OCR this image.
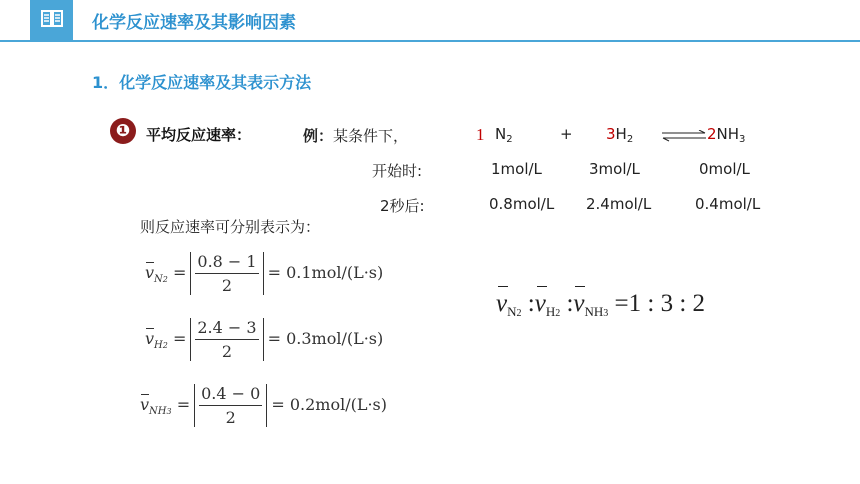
化学反应速率及其影响因素
1．化学反应速率及其表示方法
❶	平均反应速率：	例：某条件下，	1 $N_2$	+ $3H_2$ ⇌ $2NH_3$
开始时:	1mol/L	3mol/L	0mol/L
2秒后:	0.8mol/L 2.4mol/L	0.4mol/L
则反应速率可分别表示为：
$v_{N2} = \frac{0.8 - 1}{2} = 0.1mol/(L\cdot s)$
$v_{H2} = \frac{2.4 - 3}{2} = 0.3mol/(L\cdot s)$
$v_{NH3} = \frac{0.4 - 0}{2} = 0.2mol/(L\cdot s)$
$v_{N2}$ $:v_{H2}$ $:v_{NH3} =1$ : 3 : 2
